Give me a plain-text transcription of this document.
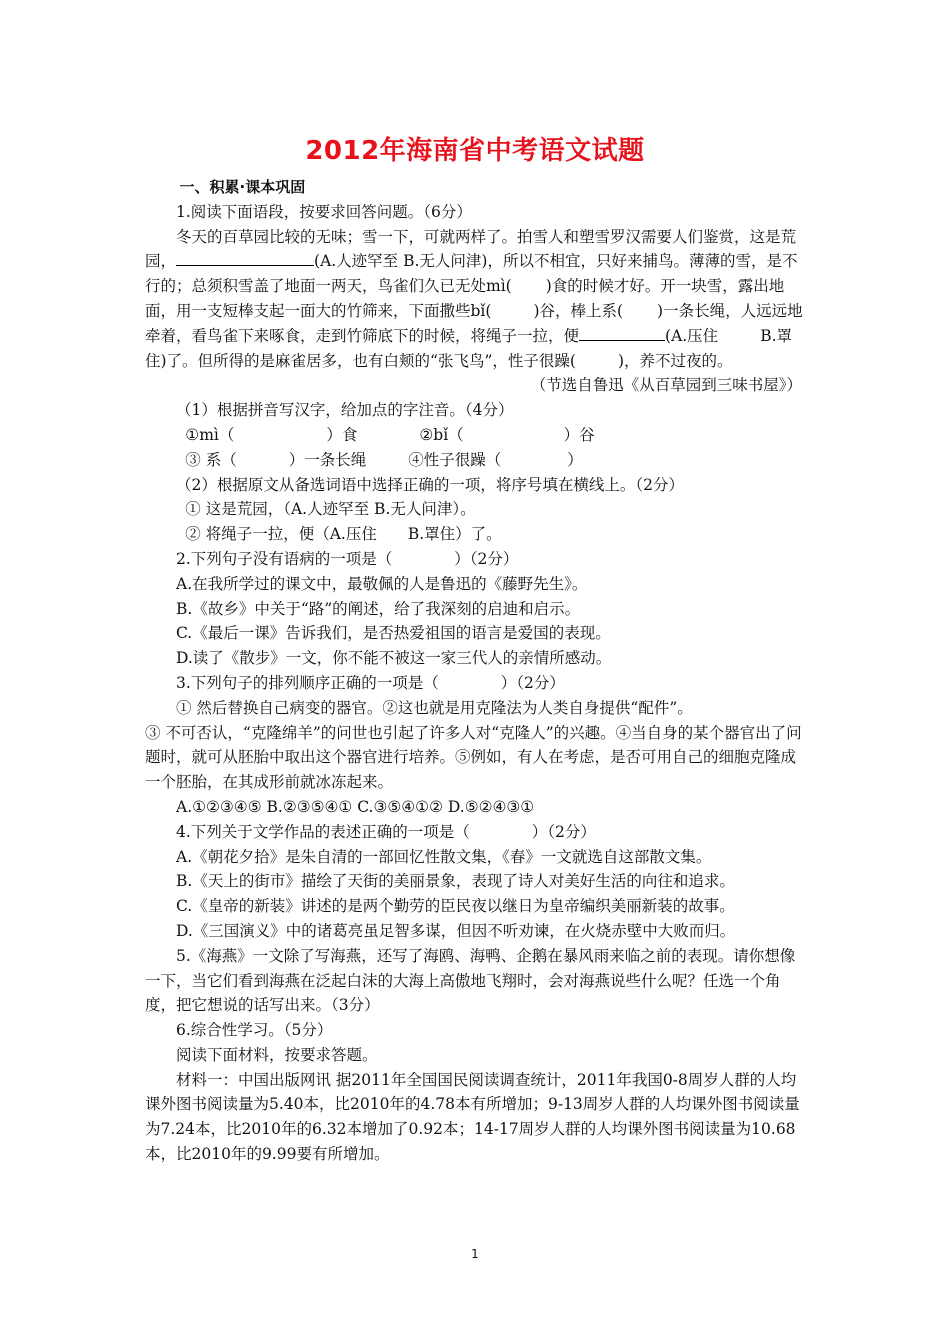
2012年海南省中考语文试题

一、积累·课本巩固

1.阅读下面语段，按要求回答问题。（6分）

冬天的百草园比较的无味；雪一下，可就两样了。拍雪人和塑雪罗汉需要人们鉴赏，这是荒园，	(A.人迹罕至 B.无人问津)，所以不相宜，只好来捕鸟。薄薄的雪，是不行的；总须积雪盖了地面一两天，鸟雀们久已无处mì( )食的时候才好。开一块雪，露出地面，用一支短棒支起一面大的竹筛来，下面撒些bǐ(	)谷，棒上系( )一条长绳，人远远地牵着，看鸟雀下来啄食，走到竹筛底下的时候，将绳子一拉，便	(A.压住	B.罩住)了。但所得的是麻雀居多，也有白颊的“张飞鸟”，性子很躁(	)，养不过夜的。

（节选自鲁迅《从百草园到三味书屋》）

（1）根据拼音写汉字，给加点的字注音。（4分）

①mì（	）食	②bǐ（	）谷

③ 系（	）一条长绳	④性子很躁（	）

（2）根据原文从备选词语中选择正确的一项，将序号填在横线上。（2分）

① 这是荒园，（A.人迹罕至 B.无人问津）。

② 将绳子一拉，便（A.压住　　B.罩住）了。

2.下列句子没有语病的一项是（　　　　）（2分）

A.在我所学过的课文中，最敬佩的人是鲁迅的《藤野先生》。

B.《故乡》中关于“路”的阐述，给了我深刻的启迪和启示。

C.《最后一课》告诉我们，是否热爱祖国的语言是爱国的表现。

D.读了《散步》一文，你不能不被这一家三代人的亲情所感动。

3.下列句子的排列顺序正确的一项是（　　　　）（2分）

① 然后替换自己病变的器官。②这也就是用克隆法为人类自身提供“配件”。

③ 不可否认，“克隆绵羊”的问世也引起了许多人对“克隆人”的兴趣。④当自身的某个器官出了问题时，就可从胚胎中取出这个器官进行培养。⑤例如，有人在考虑，是否可用自己的细胞克隆成一个胚胎，在其成形前就冰冻起来。

A.①②③④⑤ B.②③⑤④① C.③⑤④①② D.⑤②④③①

4.下列关于文学作品的表述正确的一项是（　　　　）（2分）

A.《朝花夕拾》是朱自清的一部回忆性散文集，《春》一文就选自这部散文集。

B.《天上的街市》描绘了天街的美丽景象，表现了诗人对美好生活的向往和追求。

C.《皇帝的新装》讲述的是两个勤劳的臣民夜以继日为皇帝编织美丽新装的故事。

D.《三国演义》中的诸葛亮虽足智多谋，但因不听劝谏，在火烧赤壁中大败而归。

5.《海燕》一文除了写海燕，还写了海鸥、海鸭、企鹅在暴风雨来临之前的表现。请你想像一下，当它们看到海燕在泛起白沫的大海上高傲地飞翔时，会对海燕说些什么呢？任选一个角度，把它想说的话写出来。（3分）

6.综合性学习。（5分）

阅读下面材料，按要求答题。

材料一：中国出版网讯 据2011年全国国民阅读调查统计，2011年我国0-8周岁人群的人均课外图书阅读量为5.40本，比2010年的4.78本有所增加；9-13周岁人群的人均课外图书阅读量为7.24本，比2010年的6.32本增加了0.92本；14-17周岁人群的人均课外图书阅读量为10.68本，比2010年的9.99要有所增加。

1
